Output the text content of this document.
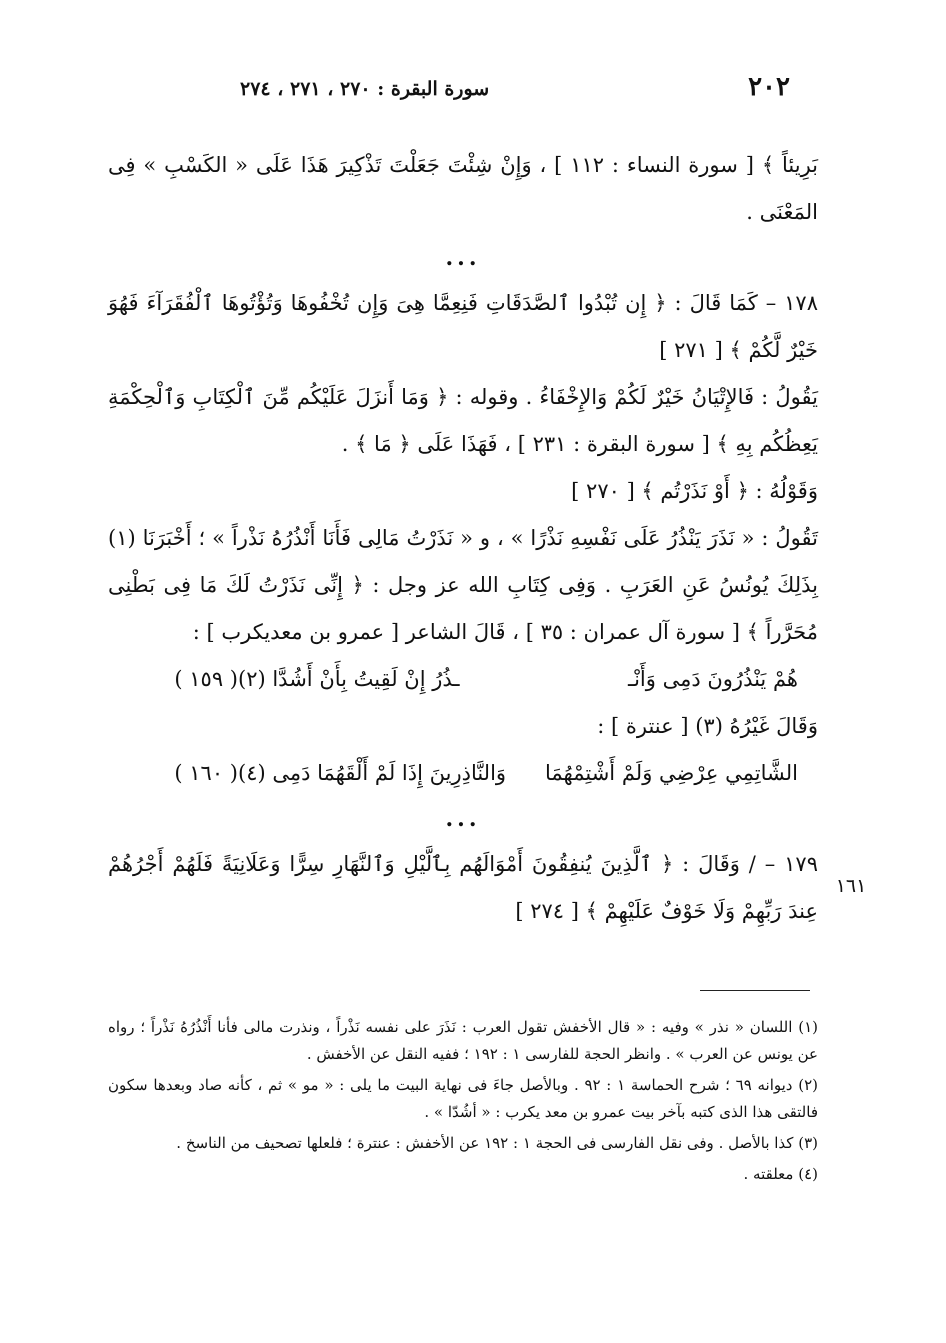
سورة البقرة : ٢٧٠ ، ٢٧١ ، ٢٧٤	٢٠٢

بَرِيئاً ﴾ [ سورة النساء : ١١٢ ] ، وَإِنْ شِئْتَ جَعَلْتَ تَذْكِيرَ هَذَا عَلَى « الكَسْبِ » فِى المَعْنَى .

...

١٧٨ – كَمَا قَالَ : ﴿ إِن تُبْدُوا ٱلصَّدَقَاتِ فَنِعِمَّا هِىَ وَإِن تُخْفُوهَا وَتُؤْتُوهَا ٱلْفُقَرَآءَ فَهُوَ خَيْرٌ لَّكُمْ ﴾ [ ٢٧١ ]

يَقُولُ : فَالإِتْيَانُ خَيْرٌ لَكُمْ وَالإِخْفَاءُ . وقوله : ﴿ وَمَا أَنزَلَ عَلَيْكُم مِّنَ ٱلْكِتَابِ وَٱلْحِكْمَةِ يَعِظُكُم بِهِ ﴾ [ سورة البقرة : ٢٣١ ] ، فَهَذَا عَلَى ﴿ مَا ﴾ .

وَقَوْلُهُ : ﴿ أَوْ نَذَرْتُم ﴾ [ ٢٧٠ ]

تَقُولُ : « نَذَرَ يَنْذُرُ عَلَى نَفْسِهِ نَذْرًا » ، و « نَذَرْتُ مَالِى فَأَنَا أَنْذُرُهُ نَذْراً » ؛ أَخْبَرَنَا (١) بِذَلِكَ يُونُسُ عَنِ العَرَبِ . وَفِى كِتَابِ الله عز وجل : ﴿ إِنِّى نَذَرْتُ لَكَ مَا فِى بَطْنِى مُحَرَّراً ﴾ [ سورة آل عمران : ٣٥ ] ، قَالَ الشاعر [ عمرو بن معديكرب ] :

هُمْ يَنْذُرُونَ دَمِى وَأَنْـ
ـذُرُ إِنْ لَقِيتُ بِأَنْ أَشُدَّا (٢)
( ١٥٩ )

وَقَالَ غَيْرُهُ (٣) [ عنترة ] :

الشَّاتِمِي عِرْضِي وَلَمْ أَشْتِمْهُمَا
وَالنَّاذِرِينَ إِذَا لَمْ أَلْقَهُمَا دَمِى (٤)
( ١٦٠ )
...

١٧٩ – / وَقَالَ : ﴿ ٱلَّذِينَ يُنفِقُونَ أَمْوَالَهُم بِٱلَّيْلِ وَٱلنَّهَارِ سِرًّا وَعَلَانِيَةً فَلَهُمْ أَجْرُهُمْ عِندَ رَبِّهِمْ وَلَا خَوْفٌ عَلَيْهِمْ ﴾ [ ٢٧٤ ]

١٦١

(١) اللسان « نذر » وفيه : « قال الأخفش تقول العرب : نَذَرَ على نفسه نَذْراً ، ونذرت مالى فأنا أَنْذُرُهُ نَذْراً ؛ رواه عن يونس عن العرب » . وانظر الحجة للفارسى ١ : ١٩٢ ؛ ففيه النقل عن الأخفش .

(٢) ديوانه ٦٩ ؛ شرح الحماسة ١ : ٩٢ . وبالأصل جاءَ فى نهاية البيت ما يلى : « مو » ثم ، كأنه صاد وبعدها سكون فالتقى هذا الذى كتبه بآخر بيت عمرو بن معد يكرب : « أشُدّا » .

(٣) كذا بالأصل . وفى نقل الفارسى فى الحجة ١ : ١٩٢ عن الأخفش : عنترة ؛ فلعلها تصحيف من الناسخ .

(٤) معلقته .
